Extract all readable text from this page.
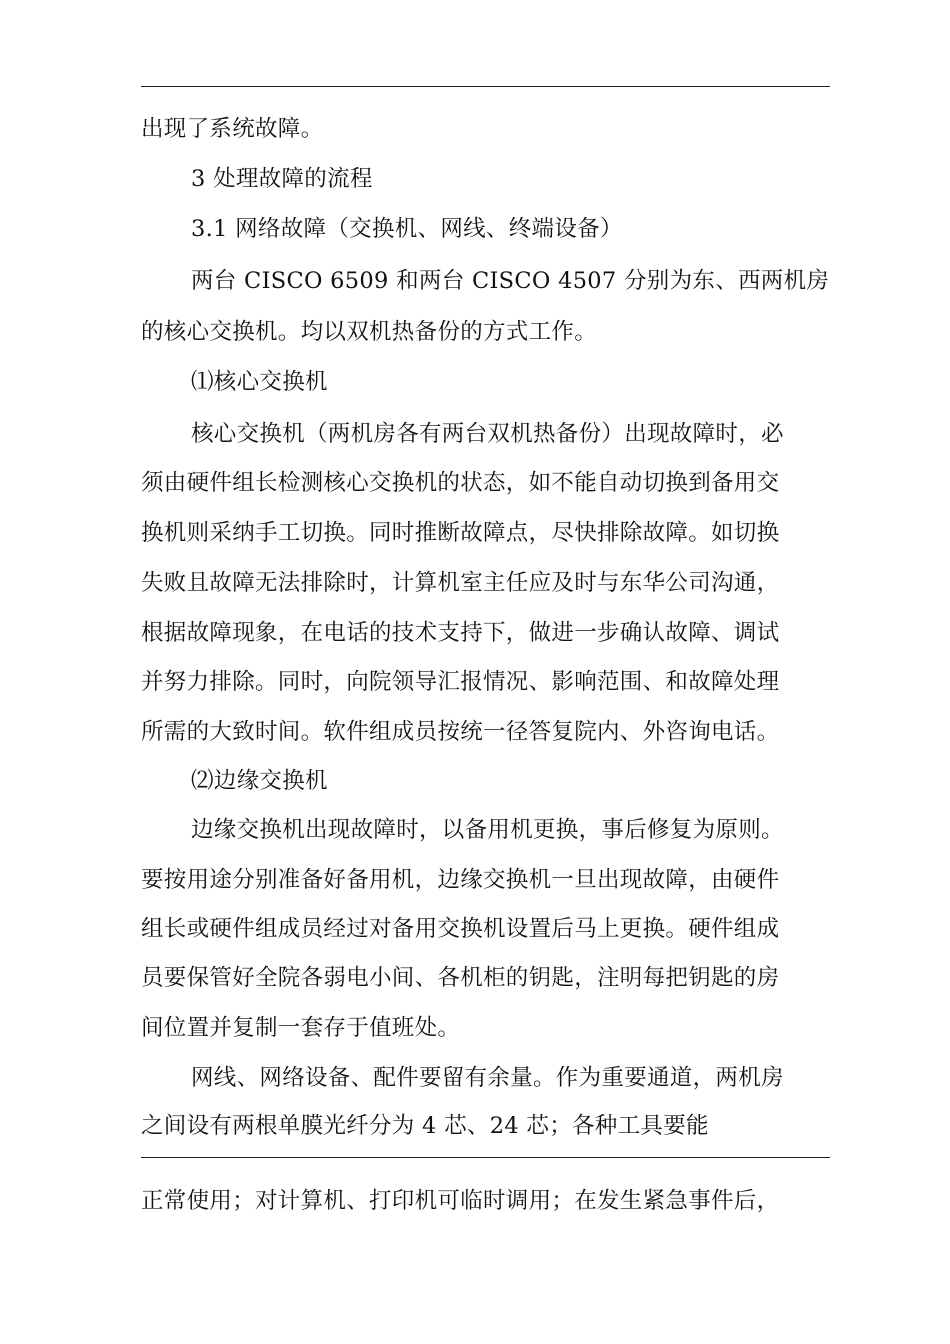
出现了系统故障。
3 处理故障的流程
3.1 网络故障（交换机、网线、终端设备）
两台 CISCO 6509 和两台 CISCO 4507 分别为东、西两机房
的核心交换机。均以双机热备份的方式工作。
⑴核心交换机
核心交换机（两机房各有两台双机热备份）出现故障时，必
须由硬件组长检测核心交换机的状态，如不能自动切换到备用交
换机则采纳手工切换。同时推断故障点，尽快排除故障。如切换
失败且故障无法排除时，计算机室主任应及时与东华公司沟通，
根据故障现象，在电话的技术支持下，做进一步确认故障、调试
并努力排除。同时，向院领导汇报情况、影响范围、和故障处理
所需的大致时间。软件组成员按统一径答复院内、外咨询电话。
⑵边缘交换机
边缘交换机出现故障时，以备用机更换，事后修复为原则。
要按用途分别准备好备用机，边缘交换机一旦出现故障，由硬件
组长或硬件组成员经过对备用交换机设置后马上更换。硬件组成
员要保管好全院各弱电小间、各机柜的钥匙，注明每把钥匙的房
间位置并复制一套存于值班处。
网线、网络设备、配件要留有余量。作为重要通道，两机房
之间设有两根单膜光纤分为 4 芯、24 芯；各种工具要能
正常使用；对计算机、打印机可临时调用；在发生紧急事件后，
